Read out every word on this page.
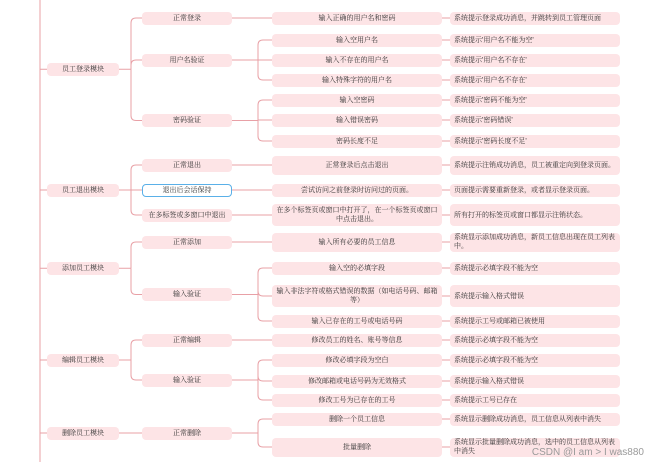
系统提示登录成功消息，并跳转到员工管理页面
输入正确的用户名和密码
正常登录
系统提示'用户名不能为空'
输入空用户名
系统提示'用户名不存在'
输入不存在的用户名
系统提示'用户名不存在'
输入特殊字符的用户名
用户名验证
系统提示'密码不能为空'
输入空密码
系统提示'密码错误'
输入错误密码
系统提示'密码长度不足'
密码长度不足
密码验证
员工登录模块
系统提示注销成功消息，员工被重定向到登录页面。
正常登录后点击退出
正常退出
页面提示需要重新登录，或者显示登录页面。
尝试访问之前登录时访问过的页面。
退出后会话保持
所有打开的标签页或窗口都显示注销状态。
在多个标签页或窗口中打开了，在一个标签页或窗口中点击退出。
在多标签或多窗口中退出
员工退出模块
系统显示添加成功消息，新员工信息出现在员工列表中。
输入所有必要的员工信息
正常添加
系统提示必填字段不能为空
输入空的必填字段
系统提示输入格式错误
输入非法字符或格式错误的数据（如电话号码、邮箱等）
系统提示工号或邮箱已被使用
输入已存在的工号或电话号码
输入验证
添加员工模块
系统提示必填字段不能为空
修改员工的姓名、账号等信息
正常编辑
系统提示必填字段不能为空
修改必填字段为空白
系统提示输入格式错误
修改邮箱或电话号码为无效格式
系统提示工号已存在
修改工号为已存在的工号
输入验证
编辑员工模块
系统显示删除成功消息，员工信息从列表中消失
删除一个员工信息
系统显示批量删除成功消息，选中的员工信息从列表中消失
批量删除
正常删除
删除员工模块
CSDN @I am > I was880
